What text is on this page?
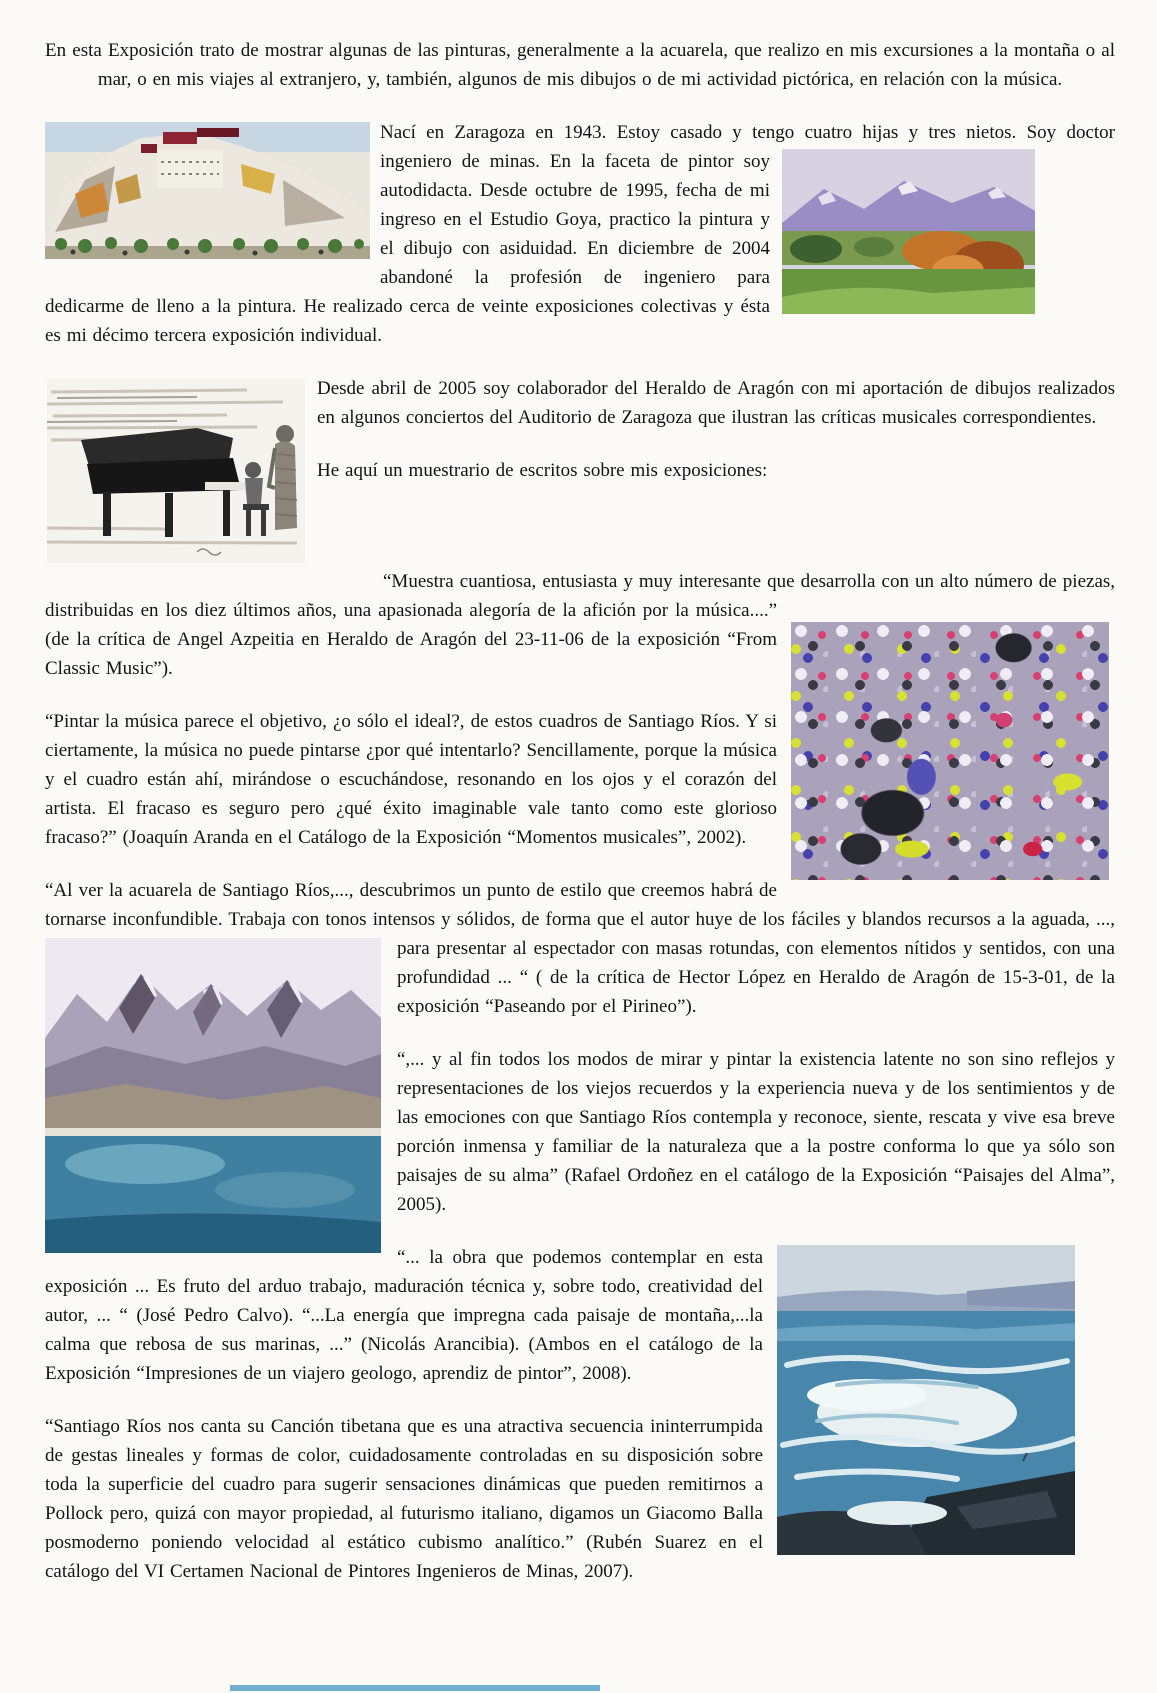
En esta Exposición trato de mostrar algunas de las pinturas, generalmente a la acuarela, que realizo en mis excursiones a la montaña o al mar, o en mis viajes al extranjero, y, también, algunos de mis dibujos o de mi actividad pictórica, en relación con la música.

Nací en Zaragoza en 1943. Estoy casado y tengo cuatro hijas y tres nietos. Soy doctor ingeniero de minas. En la faceta de pintor soy autodidacta. Desde octubre de 1995, fecha de mi ingreso en el Estudio Goya, practico la pintura y el dibujo con asiduidad. En diciembre de 2004 abandoné la profesión de ingeniero para dedicarme de lleno a la pintura. He realizado cerca de veinte exposiciones colectivas y ésta es mi décimo tercera exposición individual.

Desde abril de 2005 soy colaborador del Heraldo de Aragón con mi aportación de dibujos realizados en algunos conciertos del Auditorio de Zaragoza que ilustran las críticas musicales correspondientes.

He aquí un muestrario de escritos sobre mis exposiciones:

“Muestra cuantiosa, entusiasta y muy interesante que desarrolla con un alto número de piezas, distribuidas en los diez últimos años, una apasionada alegoría de la afición por la música....” (de la crítica de Angel Azpeitia en Heraldo de Aragón del 23-11-06 de la exposición “From Classic Music”).

“Pintar la música parece el objetivo, ¿o sólo el ideal?, de estos cuadros de Santiago Ríos. Y si ciertamente, la música no puede pintarse ¿por qué intentarlo? Sencillamente, porque la música y el cuadro están ahí, mirándose o escuchándose, resonando en los ojos y el corazón del artista. El fracaso es seguro pero ¿qué éxito imaginable vale tanto como este glorioso fracaso?” (Joaquín Aranda en el Catálogo de la Exposición “Momentos musicales”, 2002).

“Al ver la acuarela de Santiago Ríos,..., descubrimos un punto de estilo que creemos habrá de tornarse inconfundible. Trabaja con tonos intensos y sólidos, de forma que el autor huye de los fáciles y blandos recursos a la aguada, ..., para presentar al espectador con masas rotundas, con elementos nítidos y sentidos, con una profundidad ... “ ( de la crítica de Hector López en Heraldo de Aragón de 15-3-01, de la exposición “Paseando por el Pirineo”).

“,... y al fin todos los modos de mirar y pintar la existencia latente no son sino reflejos y representaciones de los viejos recuerdos y la experiencia nueva y de los sentimientos y de las emociones con que Santiago Ríos contempla y reconoce, siente, rescata y vive esa breve porción inmensa y familiar de la naturaleza que a la postre conforma lo que ya sólo son paisajes de su alma” (Rafael Ordoñez en el catálogo de la Exposición “Paisajes del Alma”, 2005).

“... la obra que podemos contemplar en esta exposición ... Es fruto del arduo trabajo, maduración técnica y, sobre todo, creatividad del autor, ... “ (José Pedro Calvo). “...La energía que impregna cada paisaje de montaña,...la calma que rebosa de sus marinas, ...” (Nicolás Arancibia). (Ambos en el catálogo de la Exposición “Impresiones de un viajero geologo, aprendiz de pintor”, 2008).

“Santiago Ríos nos canta su Canción tibetana que es una atractiva secuencia ininterrumpida de gestas lineales y formas de color, cuidadosamente controladas en su disposición sobre toda la superficie del cuadro para sugerir sensaciones dinámicas que pueden remitirnos a Pollock pero, quizá con mayor propiedad, al futurismo italiano, digamos un Giacomo Balla posmoderno poniendo velocidad al estático cubismo analítico.” (Rubén Suarez en el catálogo del VI Certamen Nacional de Pintores Ingenieros de Minas, 2007).
